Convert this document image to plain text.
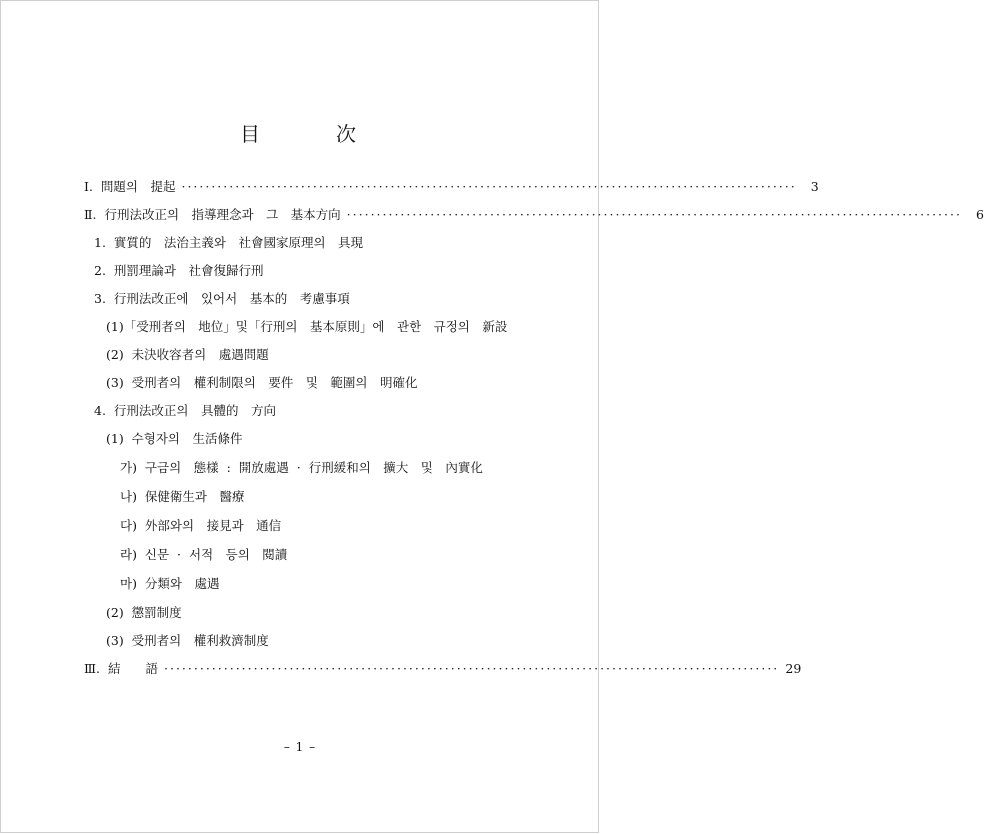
目　　　次
Ⅰ. 問題의　提起 ·······································································································	3
Ⅱ. 行刑法改正의　指導理念과　그　基本方向 ·······································································································	6
1. 實質的　法治主義와　社會國家原理의　具現
2. 刑罰理論과　社會復歸行刑
3. 行刑法改正에　있어서　基本的　考慮事項
(1)「受刑者의　地位」및「行刑의　基本原則」에　관한　규정의　新設
(2) 未決收容者의　處遇問題
(3) 受刑者의　權利制限의　要件　및　範圍의　明確化
4. 行刑法改正의　具體的　方向
(1) 수형자의　生活條件
가) 구금의　態樣 : 開放處遇 · 行刑緩和의　擴大　및　內實化
나) 保健衛生과　醫療
다) 外部와의　接見과　通信
라) 신문 · 서적　등의　閱讀
마) 分類와　處遇
(2) 懲罰制度
(3) 受刑者의　權利救濟制度
Ⅲ. 結　　語 ······································································································· 29
– 1 –
